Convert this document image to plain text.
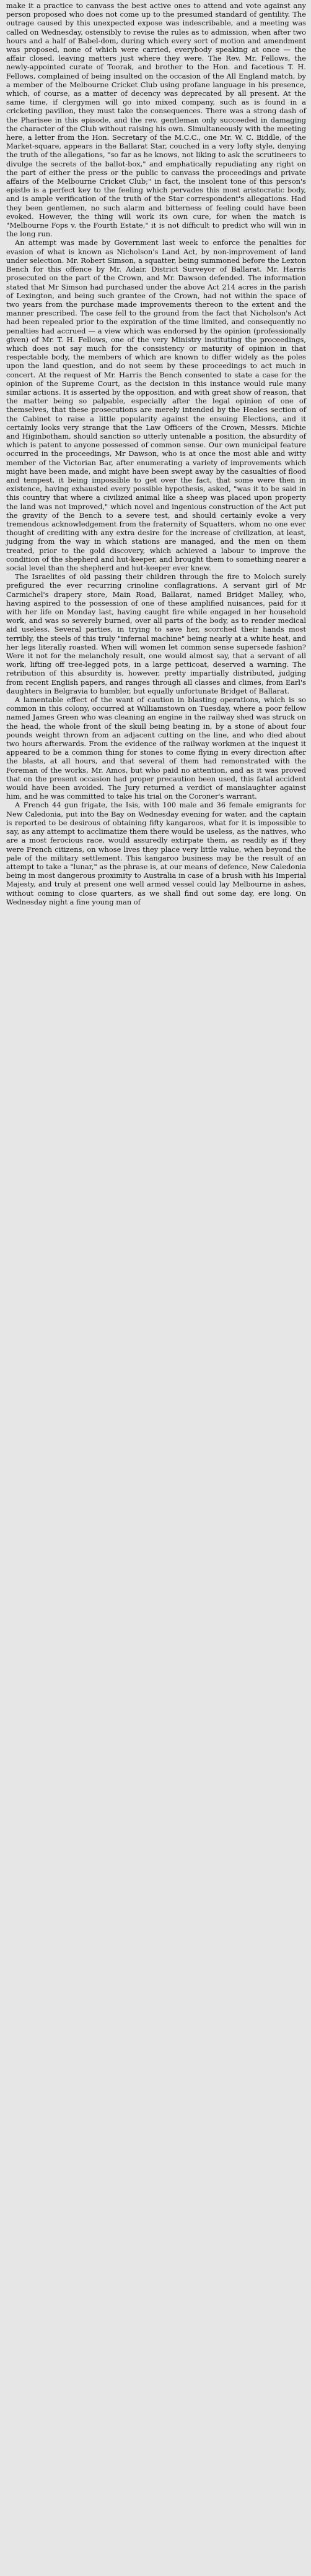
make it a practice to canvass the best active ones to attend and vote against any person proposed who does not come up to the presumed standard of gentility. The outrage caused by this unexpected expose was indescribable, and a meeting was called on Wednesday, ostensibly to revise the rules as to admission, when after two hours and a half of Babel-dom, during which every sort of motion and amendment was proposed, none of which were carried, everybody speaking at once — the affair closed, leaving matters just where they were. The Rev. Mr. Fellows, the newly-appointed curate of Toorak, and brother to the Hon. and facetious T. H. Fellows, complained of being insulted on the occasion of the All England match, by a member of the Melbourne Cricket Club using profane language in his presence, which, of course, as a matter of decency was deprecated by all present. At the same time, if clergymen will go into mixed company, such as is found in a cricketing pavilion, they must take the consequences. There was a strong dash of the Pharisee in this episode, and the rev. gentleman only succeeded in damaging the character of the Club without raising his own. Simultaneously with the meeting here, a letter from the Hon. Secretary of the M.C.C., one Mr. W. C. Biddle, of the Market-square, appears in the Ballarat Star, couched in a very lofty style, denying the truth of the allegations, "so far as he knows, not liking to ask the scrutineers to divulge the secrets of the ballot-box," and emphatically repudiating any right on the part of either the press or the public to canvass the proceedings and private affairs of the Melbourne Cricket Club;" in fact, the insolent tone of this person's epistle is a perfect key to the feeling which pervades this most aristocratic body, and is ample verification of the truth of the Star correspondent's allegations. Had they been gentlemen, no such alarm and bitterness of feeling could have been evoked. However, the thing will work its own cure, for when the match is "Melbourne Fops v. the Fourth Estate," it is not difficult to predict who will win in the long run.

An attempt was made by Government last week to enforce the penalties for evasion of what is known as Nicholson's Land Act, by non-improvement of land under selection. Mr. Robert Simson, a squatter, being summoned before the Lexton Bench for this offence by Mr. Adair, District Surveyor of Ballarat. Mr. Harris prosecuted on the part of the Crown, and Mr. Dawson defended. The information stated that Mr Simson had purchased under the above Act 214 acres in the parish of Lexington, and being such grantee of the Crown, had not within the space of two years from the purchase made improvements thereon to the extent and the manner prescribed. The case fell to the ground from the fact that Nicholson's Act had been repealed prior to the expiration of the time limited, and consequently no penalties had accrued — a view which was endorsed by the opinion (professionally given) of Mr. T. H. Fellows, one of the very Ministry instituting the proceedings, which does not say much for the consistency or maturity of opinion in that respectable body, the members of which are known to differ widely as the poles upon the land question, and do not seem by these proceedings to act much in concert. At the request of Mr. Harris the Bench consented to state a case for the opinion of the Supreme Court, as the decision in this instance would rule many similar actions. It is asserted by the opposition, and with great show of reason, that the matter being so palpable, especially after the legal opinion of one of themselves, that these prosecutions are merely intended by the Heales section of the Cabinet to raise a little popularity against the ensuing Elections, and it certainly looks very strange that the Law Officers of the Crown, Messrs. Michie and Higinbotham, should sanction so utterly untenable a position, the absurdity of which is patent to anyone possessed of common sense. Our own municipal feature occurred in the proceedings, Mr Dawson, who is at once the most able and witty member of the Victorian Bar, after enumerating a variety of improvements which might have been made, and might have been swept away by the casualties of flood and tempest, it being impossible to get over the fact, that some were then in existence, having exhausted every possible hypothesis, asked, "was it to be said in this country that where a civilized animal like a sheep was placed upon property the land was not improved," which novel and ingenious construction of the Act put the gravity of the Bench to a severe test, and should certainly evoke a very tremendous acknowledgement from the fraternity of Squatters, whom no one ever thought of crediting with any extra desire for the increase of civilization, at least, judging from the way in which stations are managed, and the men on them treated, prior to the gold discovery, which achieved a labour to improve the condition of the shepherd and hut-keeper, and brought them to something nearer a social level than the shepherd and hut-keeper ever knew.

The Israelites of old passing their children through the fire to Moloch surely prefigured the ever recurring crinoline conflagrations. A servant girl of Mr Carmichel's drapery store, Main Road, Ballarat, named Bridget Malley, who, having aspired to the possession of one of these amplified nuisances, paid for it with her life on Monday last, having caught fire while engaged in her household work, and was so severely burned, over all parts of the body, as to render medical aid useless. Several parties, in trying to save her, scorched their hands most terribly, the steels of this truly "infernal machine" being nearly at a white heat, and her legs literally roasted. When will women let common sense supersede fashion? Were it not for the melancholy result, one would almost say, that a servant of all work, lifting off tree-legged pots, in a large petticoat, deserved a warning. The retribution of this absurdity is, however, pretty impartially distributed, judging from recent English papers, and ranges through all classes and climes, from Earl's daughters in Belgravia to humbler, but equally unfortunate Bridget of Ballarat.

A lamentable effect of the want of caution in blasting operations, which is so common in this colony, occurred at Williamstown on Tuesday, where a poor fellow named James Green who was cleaning an engine in the railway shed was struck on the head, the whole front of the skull being beating in, by a stone of about four pounds weight thrown from an adjacent cutting on the line, and who died about two hours afterwards. From the evidence of the railway workmen at the inquest it appeared to be a common thing for stones to come flying in every direction after the blasts, at all hours, and that several of them had remonstrated with the Foreman of the works, Mr. Amos, but who paid no attention, and as it was proved that on the present occasion had proper precaution been used, this fatal accident would have been avoided. The Jury returned a verdict of manslaughter against him, and he was committed to take his trial on the Coroner's warrant.

A French 44 gun frigate, the Isis, with 100 male and 36 female emigrants for New Caledonia, put into the Bay on Wednesday evening for water, and the captain is reported to be desirous of obtaining fifty kangaroos, what for it is impossible to say, as any attempt to acclimatize them there would be useless, as the natives, who are a most ferocious race, would assuredly extirpate them, as readily as if they were French citizens, on whose lives they place very little value, when beyond the pale of the military settlement. This kangaroo business may be the result of an attempt to take a "lunar," as the phrase is, at our means of defence, New Caledonia being in most dangerous proximity to Australia in case of a brush with his Imperial Majesty, and truly at present one well armed vessel could lay Melbourne in ashes, without coming to close quarters, as we shall find out some day, ere long. On Wednesday night a fine young man of
